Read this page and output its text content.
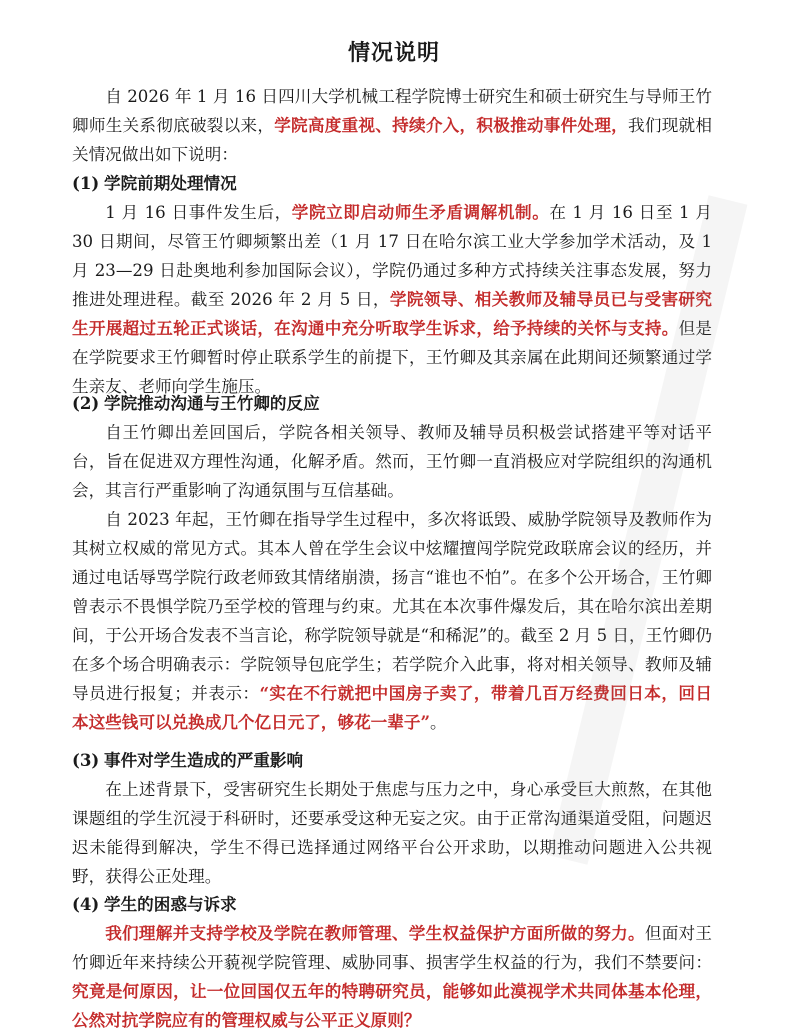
情况说明
自 2026 年 1 月 16 日四川大学机械工程学院博士研究生和硕士研究生与导师王竹卿师生关系彻底破裂以来，学院高度重视、持续介入，积极推动事件处理，我们现就相关情况做出如下说明：
(1) 学院前期处理情况
1 月 16 日事件发生后，学院立即启动师生矛盾调解机制。在 1 月 16 日至 1 月 30 日期间，尽管王竹卿频繁出差（1 月 17 日在哈尔滨工业大学参加学术活动，及 1 月 23—29 日赴奥地利参加国际会议），学院仍通过多种方式持续关注事态发展，努力推进处理进程。截至 2026 年 2 月 5 日，学院领导、相关教师及辅导员已与受害研究生开展超过五轮正式谈话，在沟通中充分听取学生诉求，给予持续的关怀与支持。但是在学院要求王竹卿暂时停止联系学生的前提下，王竹卿及其亲属在此期间还频繁通过学生亲友、老师向学生施压。
(2) 学院推动沟通与王竹卿的反应
自王竹卿出差回国后，学院各相关领导、教师及辅导员积极尝试搭建平等对话平台，旨在促进双方理性沟通，化解矛盾。然而，王竹卿一直消极应对学院组织的沟通机会，其言行严重影响了沟通氛围与互信基础。
自 2023 年起，王竹卿在指导学生过程中，多次将诋毁、威胁学院领导及教师作为其树立权威的常见方式。其本人曾在学生会议中炫耀擅闯学院党政联席会议的经历，并通过电话辱骂学院行政老师致其情绪崩溃，扬言“谁也不怕”。在多个公开场合，王竹卿曾表示不畏惧学院乃至学校的管理与约束。尤其在本次事件爆发后，其在哈尔滨出差期间，于公开场合发表不当言论，称学院领导就是“和稀泥”的。截至 2 月 5 日，王竹卿仍在多个场合明确表示：学院领导包庇学生；若学院介入此事，将对相关领导、教师及辅导员进行报复；并表示：“实在不行就把中国房子卖了，带着几百万经费回日本，回日本这些钱可以兑换成几个亿日元了，够花一辈子”。
(3) 事件对学生造成的严重影响
在上述背景下，受害研究生长期处于焦虑与压力之中，身心承受巨大煎熬，在其他课题组的学生沉浸于科研时，还要承受这种无妄之灾。由于正常沟通渠道受阻，问题迟迟未能得到解决，学生不得已选择通过网络平台公开求助，以期推动问题进入公共视野，获得公正处理。
(4) 学生的困惑与诉求
我们理解并支持学校及学院在教师管理、学生权益保护方面所做的努力。但面对王竹卿近年来持续公开藐视学院管理、威胁同事、损害学生权益的行为，我们不禁要问：究竟是何原因，让一位回国仅五年的特聘研究员，能够如此漠视学术共同体基本伦理，公然对抗学院应有的管理权威与公平正义原则？
